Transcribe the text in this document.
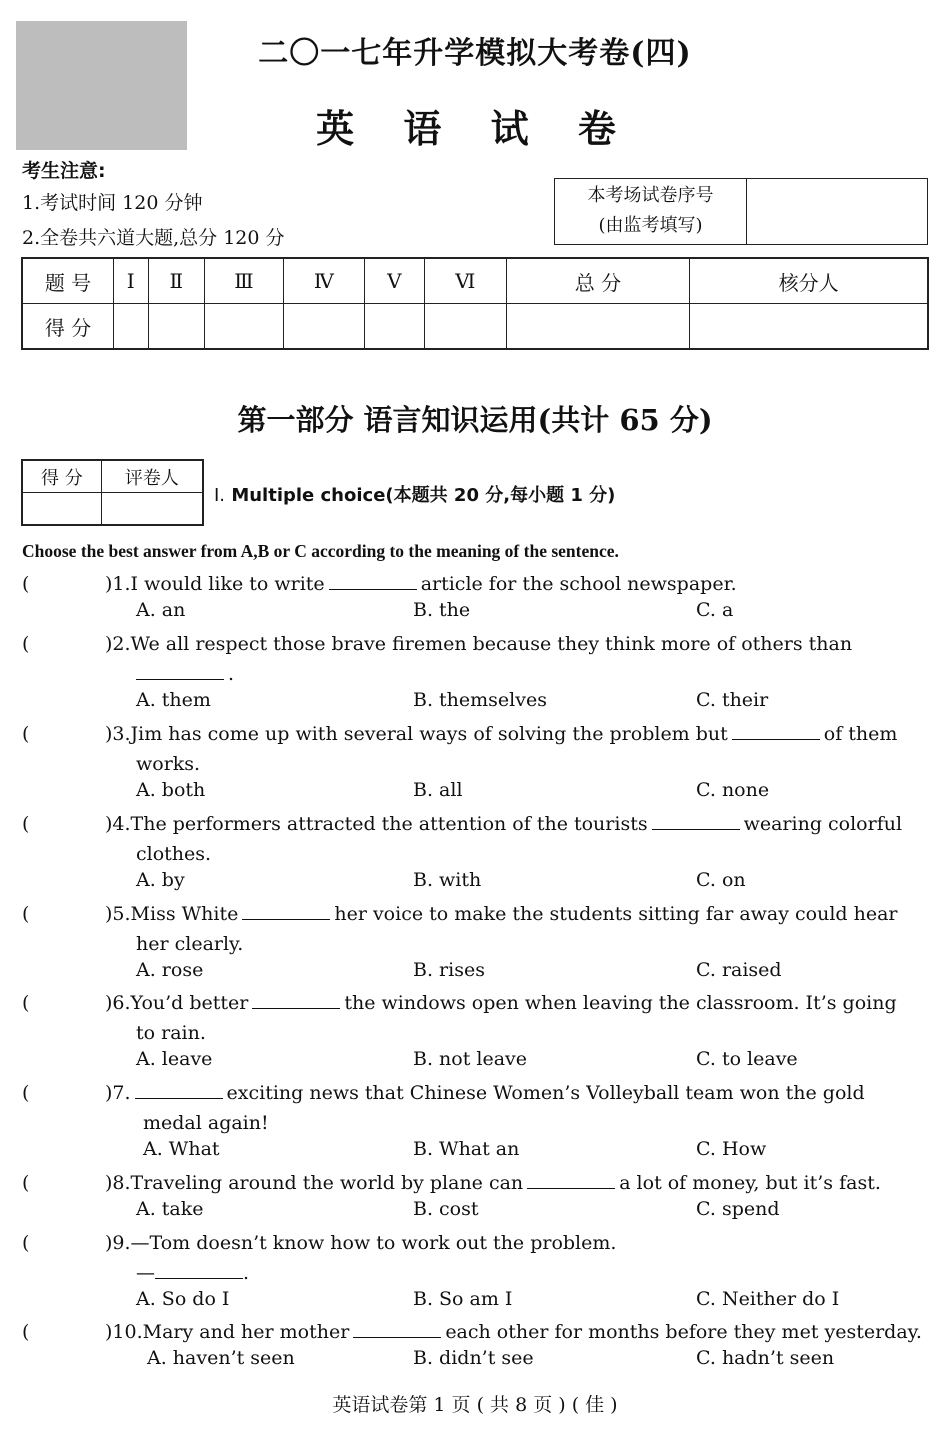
二〇一七年升学模拟大考卷(四)
英 语 试 卷
考生注意:
1.考试时间 120 分钟
2.全卷共六道大题,总分 120 分
本考场试卷序号
(由监考填写)
题 号	Ⅰ	Ⅱ	Ⅲ	Ⅳ	Ⅴ	Ⅵ	总 分	核分人
得 分								
第一部分 语言知识运用(共计 65 分)
得 分	评卷人

Ⅰ. Multiple choice(本题共 20 分,每小题 1 分)
Choose the best answer from A,B or C according to the meaning of the sentence.
(	)1.I would like to write	article for the school newspaper.
A. an	B. the	C. a
(	)2.We all respect those brave firemen because they think more of others than
.
A. them	B. themselves	C. their
(	)3.Jim has come up with several ways of solving the problem but	of them
works.
A. both	B. all	C. none
(	)4.The performers attracted the attention of the tourists	wearing colorful
clothes.
A. by	B. with	C. on
(	)5.Miss White	her voice to make the students sitting far away could hear
her clearly.
A. rose	B. rises	C. raised
(	)6.You’d better	the windows open when leaving the classroom. It’s going
to rain.
A. leave	B. not leave	C. to leave
(	)7.	exciting news that Chinese Women’s Volleyball team won the gold
medal again!
A. What	B. What an	C. How
(	)8.Traveling around the world by plane can	a lot of money, but it’s fast.
A. take	B. cost	C. spend
(	)9.—Tom doesn’t know how to work out the problem.
—	.
A. So do I	B. So am I	C. Neither do I
(	)10.Mary and her mother	each other for months before they met yesterday.
A. haven’t seen	B. didn’t see	C. hadn’t seen
英语试卷第 1 页 ( 共 8 页 ) ( 佳 )
